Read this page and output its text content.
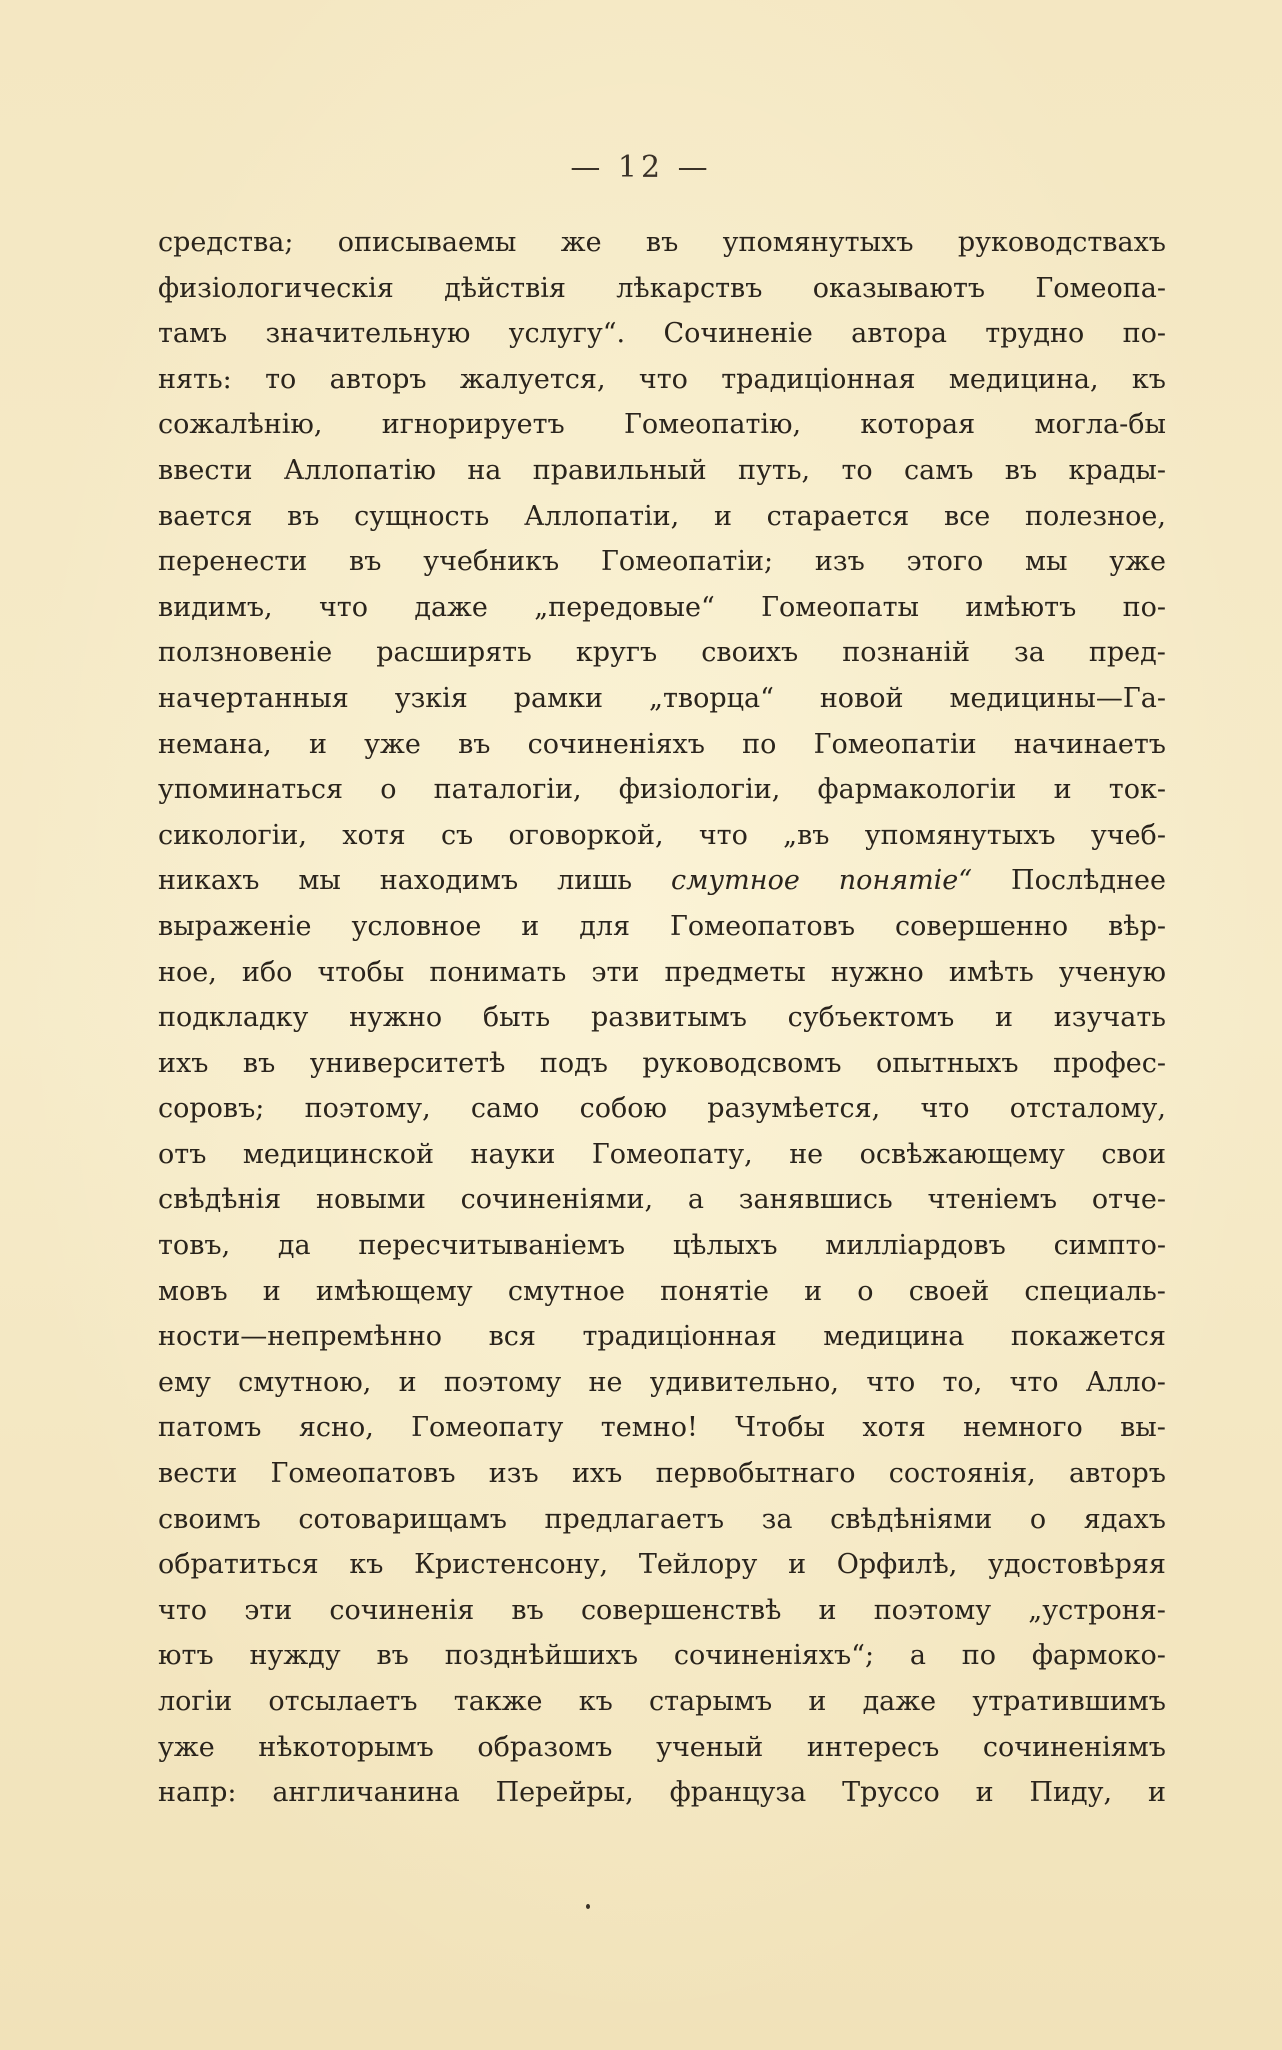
— 12 —
средства; описываемы же въ упомянутыхъ руководствахъ
физіологическія дѣйствія лѣкарствъ оказываютъ Гомеопа-
тамъ значительную услугу“. Сочиненіе автора трудно по-
нять: то авторъ жалуется, что традиціонная медицина, къ
сожалѣнію, игнорируетъ Гомеопатію, которая могла-бы
ввести Аллопатію на правильный путь, то самъ въ крады-
вается въ сущность Аллопатіи, и старается все полезное,
перенести въ учебникъ Гомеопатіи; изъ этого мы уже
видимъ, что даже „передовые“ Гомеопаты имѣютъ по-
ползновеніе расширять кругъ своихъ познаній за пред-
начертанныя узкія рамки „творца“ новой медицины—Га-
немана, и уже въ сочиненіяхъ по Гомеопатіи начинаетъ
упоминаться о паталогіи, физіологіи, фармакологіи и ток-
сикологіи, хотя съ оговоркой, что „въ упомянутыхъ учеб-
никахъ мы находимъ лишь смутное понятіе“ Послѣднее
выраженіе условное и для Гомеопатовъ совершенно вѣр-
ное, ибо чтобы понимать эти предметы нужно имѣть ученую
подкладку нужно быть развитымъ субъектомъ и изучать
ихъ въ университетѣ подъ руководсвомъ опытныхъ профес-
соровъ; поэтому, само собою разумѣется, что отсталому,
отъ медицинской науки Гомеопату, не освѣжающему свои
свѣдѣнія новыми сочиненіями, а занявшись чтеніемъ отче-
товъ, да пересчитываніемъ цѣлыхъ милліардовъ симпто-
мовъ и имѣющему смутное понятіе и о своей специаль-
ности—непремѣнно вся традиціонная медицина покажется
ему смутною, и поэтому не удивительно, что то, что Алло-
патомъ ясно, Гомеопату темно! Чтобы хотя немного вы-
вести Гомеопатовъ изъ ихъ первобытнаго состоянія, авторъ
своимъ сотоварищамъ предлагаетъ за свѣдѣніями о ядахъ
обратиться къ Кристенсону, Тейлору и Орфилѣ, удостовѣряя
что эти сочиненія въ совершенствѣ и поэтому „устроня-
ютъ нужду въ позднѣйшихъ сочиненіяхъ“; а по фармоко-
логіи отсылаетъ также къ старымъ и даже утратившимъ
уже нѣкоторымъ образомъ ученый интересъ сочиненіямъ
напр: англичанина Перейры, француза Труссо и Пиду, и
